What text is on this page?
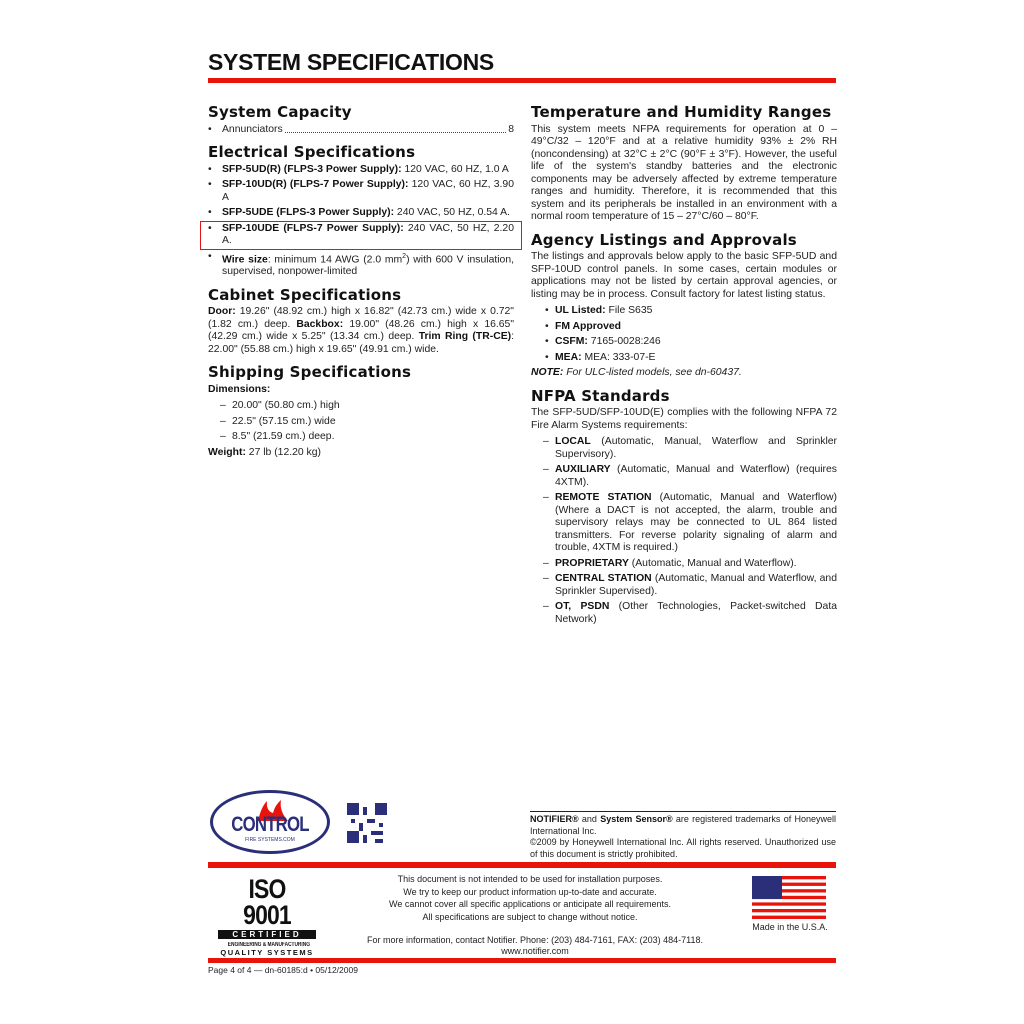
SYSTEM SPECIFICATIONS
System Capacity
• Annunciators	8
Electrical Specifications
• SFP-5UD(R) (FLPS-3 Power Supply): 120 VAC, 60 HZ, 1.0 A
• SFP-10UD(R) (FLPS-7 Power Supply): 120 VAC, 60 HZ, 3.90 A
• SFP-5UDE (FLPS-3 Power Supply): 240 VAC, 50 HZ, 0.54 A.
• SFP-10UDE (FLPS-7 Power Supply): 240 VAC, 50 HZ, 2.20 A.
• Wire size: minimum 14 AWG (2.0 $mm^2$) with 600 V insulation, supervised, nonpower-limited
Cabinet Specifications

Door: 19.26" (48.92 cm.) high x 16.82" (42.73 cm.) wide x 0.72" (1.82 cm.) deep. Backbox: 19.00" (48.26 cm.) high x 16.65" (42.29 cm.) wide x 5.25" (13.34 cm.) deep. Trim Ring (TR-CE): 22.00" (55.88 cm.) high x 19.65" (49.91 cm.) wide.

Shipping Specifications

Dimensions:

– 20.00" (50.80 cm.) high
– 22.5" (57.15 cm.) wide
– 8.5" (21.59 cm.) deep.

Weight: 27 lb (12.20 kg)

Temperature and Humidity Ranges

This system meets NFPA requirements for operation at 0 – 49°C/32 – 120°F and at a relative humidity 93% ± 2% RH (noncondensing) at 32°C ± 2°C (90°F ± 3°F). However, the useful life of the system's standby batteries and the electronic components may be adversely affected by extreme temperature ranges and humidity. Therefore, it is recommended that this system and its peripherals be installed in an environment with a normal room temperature of 15 – 27°C/60 – 80°F.

Agency Listings and Approvals

The listings and approvals below apply to the basic SFP-5UD and SFP-10UD control panels. In some cases, certain modules or applications may not be listed by certain approval agencies, or listing may be in process. Consult factory for latest listing status.

• UL Listed: File S635
• FM Approved
• CSFM: 7165-0028:246
• MEA: MEA: 333-07-E

NOTE: For ULC-listed models, see dn-60437.

NFPA Standards

The SFP-5UD/SFP-10UD(E) complies with the following NFPA 72 Fire Alarm Systems requirements:

– LOCAL (Automatic, Manual, Waterflow and Sprinkler Supervisory).
– AUXILIARY (Automatic, Manual and Waterflow) (requires 4XTM).
– REMOTE STATION (Automatic, Manual and Waterflow) (Where a DACT is not accepted, the alarm, trouble and supervisory relays may be connected to UL 864 listed transmitters. For reverse polarity signaling of alarm and trouble, 4XTM is required.)
– PROPRIETARY (Automatic, Manual and Waterflow).
– CENTRAL STATION (Automatic, Manual and Waterflow, and Sprinkler Supervised).
– OT, PSDN (Other Technologies, Packet-switched Data Network)
CONTROL
FIRE SYSTEMS.COM
NOTIFIER® and System Sensor® are registered trademarks of Honeywell International Inc.
©2009 by Honeywell International Inc. All rights reserved. Unauthorized use of this document is strictly prohibited.
ISO 9001
CERTIFIED
ENGINEERING & MANUFACTURING
QUALITY SYSTEMS
This document is not intended to be used for installation purposes.
We try to keep our product information up-to-date and accurate.
We cannot cover all specific applications or anticipate all requirements.
All specifications are subject to change without notice.
Made in the U.S.A.
For more information, contact Notifier. Phone: (203) 484-7161, FAX: (203) 484-7118.
www.notifier.com
Page 4 of 4 — dn-60185:d • 05/12/2009
